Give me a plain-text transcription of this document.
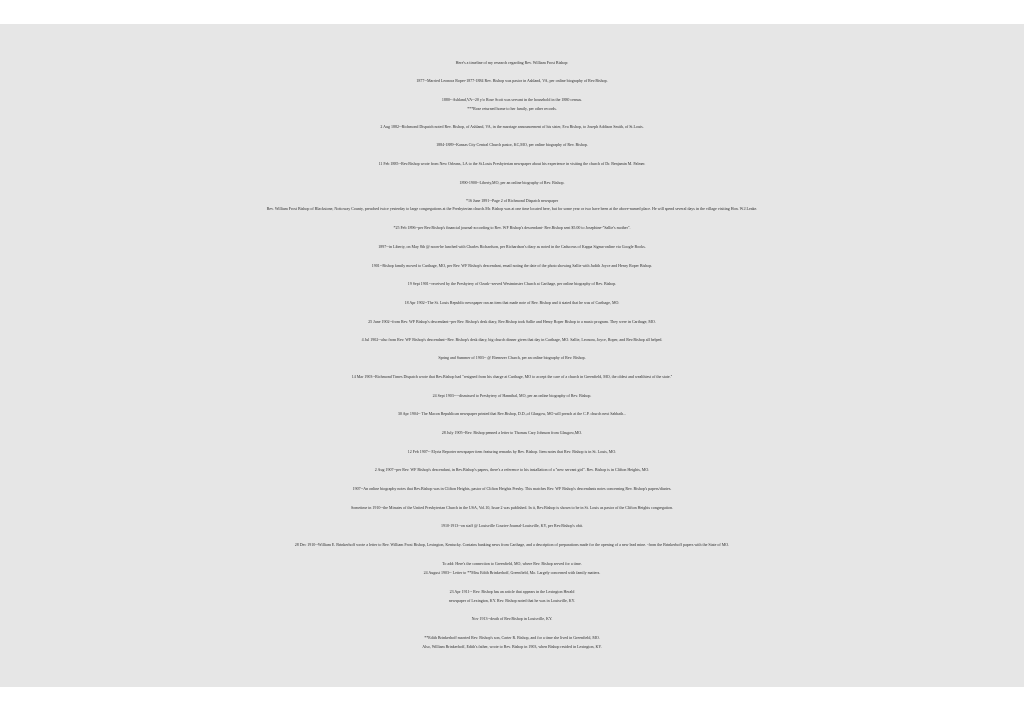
Here's a timeline of my research regarding Rev. William Frost Bishop:
1877--Married Leonora Roper-1877-1884 Rev. Bishop was pastor in Ashland, VA, per online biography of Rev.Bishop.
1880--Ashland,VA--20 y/o Rose Scott was servant in the household in the 1880 census.
***Rose returned home to her family, per other records.
2 Aug 1882--Richmond Dispatch noted Rev. Bishop, of Ashland, VA, in the marriage announcement of his sister, Eva Bishop, to Joseph Addison Smith, of St.Louis.
1884-1889--Kansas City Central Church pastor, KC,MO, per online biography of Rev. Bishop.
11 Feb 1885--Rev.Bishop wrote from New Orleans, LA to the St.Louis Presbyterian newspaper about his experience in visiting the church of Dr. Benjamin M. Palmer.
1890-1900--Liberty,MO, per an online biography of Rev. Bishop.
*16 June 1891--Page 2 of Richmond Dispatch newspaper
Rev. William Frost Bishop of Blackstone, Nottoway County, preached twice yesterday to large congregations at the Presbyterian church.Mr. Bishop was at one time located here, but for some year or two have been at the above-named place. He will spend several days in the village visiting Hon. W.J.Leake.
*25 Feb 1896--per Rev.Bishop's financial journal-according to Rev. WF Bishop's descendant- Rev.Bishop sent $5.00 to Josephine-"Sallie's mother".
1897--in Liberty, on May 8th @ noon-he lunched with Charles Richardson, per Richardson's diary as noted in the Caduceus of Kappa Sigma-online via Google Books.
1901--Bishop family moved to Carthage, MO, per Rev. WF Bishop's descendant, email noting the date of the photo showing Sallie with Judith Joyce and Henry Roper Bishop.
19 Sept 1901--received by the Presbytery of Ozark--served Westminster Church at Carthage, per online biography of Rev. Bishop.
18 Apr 1902--The St. Louis Republic newspaper ran an item that made note of Rev. Bishop and it stated that he was of Carthage, MO.
25 June 1902--from Rev. WF Bishop's descendant--per Rev. Bishop's desk diary, Rev.Bishop took Sallie and Henry Roper Bishop to a music program. They were in Carthage, MO.
4 Jul 1902--also from Rev. WF Bishop's descendant--Rev. Bishop's desk diary, big church dinner given that day in Carthage, MO. Sallie, Leonora, Joyce, Roper, and Rev.Bishop all helped.
Spring and Summer of 1903-- @ Ebenezer Church, per an online biography of Rev. Bishop.
14 Mar 1903--Richmond Times Dispatch wrote that Rev.Bishop had "resigned from his charge at Carthage, MO to accept the care of a church in Greenfield, MO, the oldest and wealthiest of the state."
24 Sept 1903----dismissed to Presbytery of Hannibal, MO, per an online biography of Rev. Bishop.
30 Apr 1904-- The Macon Republican newspaper printed that Rev.Bishop, D.D.,of Glasgow, MO will preach at the C.P. church next Sabbath...
28 July 1905--Rev. Bishop penned a letter to Thomas Cary Johnson from Glasgow,MO.
12 Feb 1907-- Elyria Reporter newspaper item featuring remarks by Rev. Bishop. Item notes that Rev. Bishop is in St. Louis, MO.
2 Aug 1907--per Rev. WF Bishop's descendant, in Rev.Bishop's papers, there's a reference to his installation of a "new servant girl". Rev. Bishop is in Clifton Heights, MO.
1907--An online biography notes that Rev.Bishop was in Clifton Heights, pastor of Clifton Heights Presby. This matches Rev. WF Bishop's descendants notes concerning Rev. Bishop's papers/diaries.
Sometime in 1910--the Minutes of the United Presbyterian Church in the USA, Vol.10, Issue 2 was published. In it, Rev.Bishop is shown to be in St. Louis as pastor of the Clifton Heights congregation.
1910-1913--on staff @ Louisville Courier-Journal-Louisville, KY, per Rev.Bishop's obit.
28 Dec 1910--William E. Brinkerhoff wrote a letter to Rev. William Frost Bishop, Lexington, Kentucky. Contains banking news from Carthage, and a description of preparations made for the opening of a new lead mine. -from the Brinkerhoff papers with the State of MO.
To add: Here's the connection to Greenfield, MO, where Rev. Bishop served for a time.
24 August 1903-- Letter to **Miss Edith Brinkerhoff, Greenfield, Mo. Largely concerned with family matters.
23 Apr 1911-- Rev. Bishop has an article that appears in the Lexington Herald
newspaper of Lexington, KY. Rev. Bishop noted that he was in Louisville, KY.
Nov 1913--death of Rev.Bishop in Louisville, KY.
**Edith Brinkerhoff married Rev. Bishop's son, Carter R. Bishop, and for a time she lived in Greenfield, MO.
Also, William Brinkerhoff, Edith's father, wrote to Rev. Bishop in 1903, when Bishop resided in Lexington, KY.
